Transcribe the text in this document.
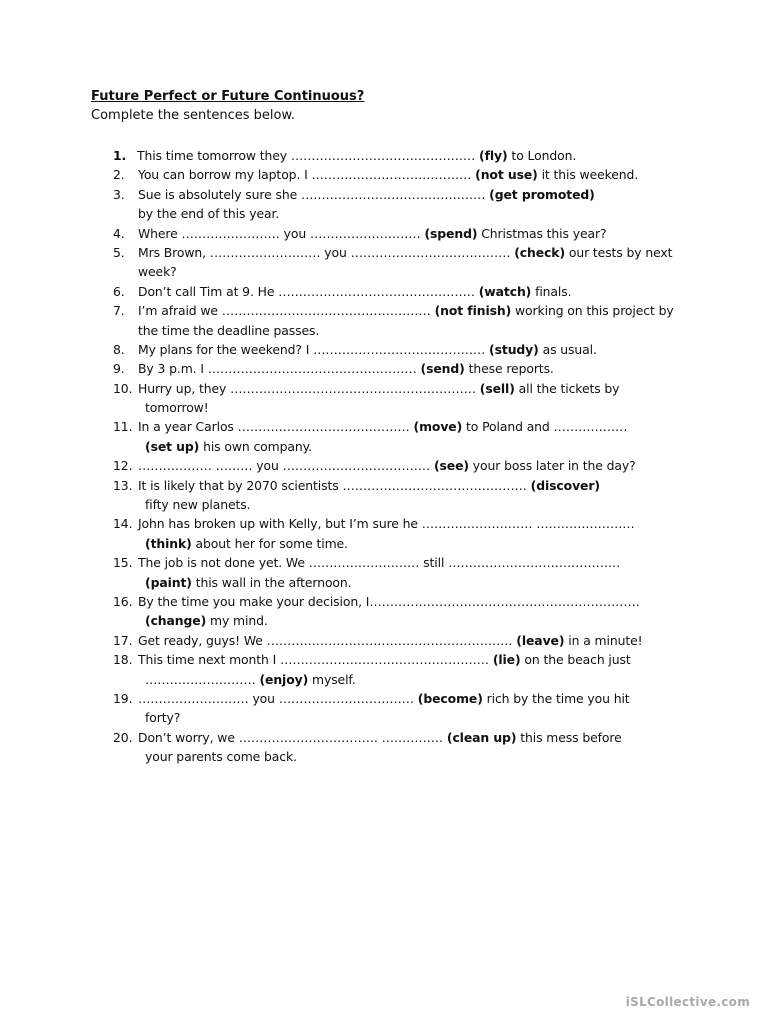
Future Perfect or Future Continuous?
Complete the sentences below.
1. This time tomorrow they ……………………………………… (fly) to London.
2. You can borrow my laptop. I ………………………………… (not use) it this weekend.
3. Sue is absolutely sure she ……………………………………… (get promoted)
by the end of this year.
4. Where …………………… you ……………………… (spend) Christmas this year?
5. Mrs Brown, ……………………… you ………………………………… (check) our tests by next
week?
6. Don’t call Tim at 9. He ………………………………………… (watch) finals.
7. I’m afraid we …………………………………………… (not finish) working on this project by
the time the deadline passes.
8. My plans for the weekend? I …………………………………… (study) as usual.
9. By 3 p.m. I …………………………………………… (send) these reports.
10. Hurry up, they …………………………………………………… (sell) all the tickets by
tomorrow!
11. In a year Carlos …………………………………… (move) to Poland and ………………
(set up) his own company.
12. ……………… ……… you ……………………………… (see) your boss later in the day?
13. It is likely that by 2070 scientists ……………………………………… (discover)
fifty new planets.
14. John has broken up with Kelly, but I’m sure he ……………………… ……………………
(think) about her for some time.
15. The job is not done yet. We ……………………… still ……………………………………
(paint) this wall in the afternoon.
16. By the time you make your decision, I…………………………………………………………
(change) my mind.
17. Get ready, guys! We …………………………………………………… (leave) in a minute!
18. This time next month I …………………………………………… (lie) on the beach just
……………………… (enjoy) myself.
19. ……………………… you …………………………… (become) rich by the time you hit
forty?
20. Don’t worry, we ……………………………. …………… (clean up) this mess before
your parents come back.
iSLCollective.com
